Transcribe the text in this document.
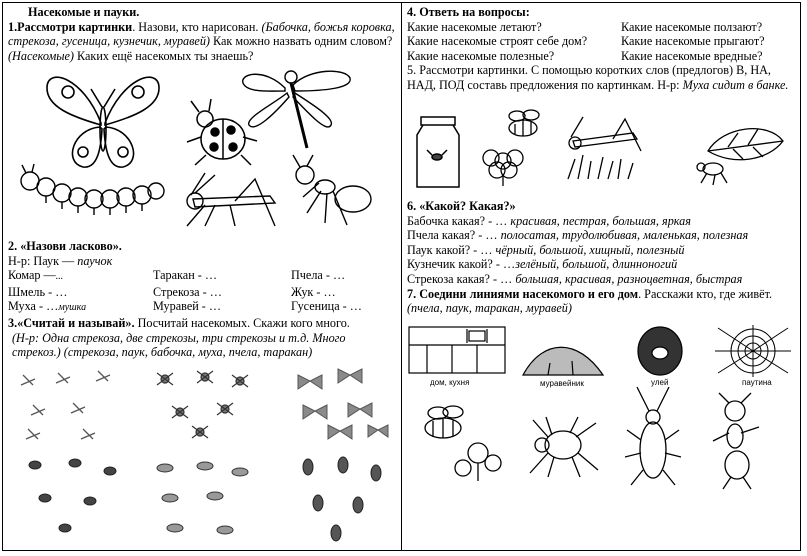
Насекомые и пауки.

1.Рассмотри картинки. Назови, кто нарисован. (Бабочка, божья коровка, стрекоза, гусеница, кузнечик, муравей) Как можно назвать одним словом? (Насекомые) Каких ещё насекомых ты знаешь?

2. «Назови ласково».

Н-р: Паук — паучок

Комар —...	Таракан - …	Пчела - …
Шмель - …	Стрекоза - …	Жук - …
Муха - …мушка	Муравей - …	Гусеница - …

3.«Считай и называй». Посчитай насекомых. Скажи кого много.

(Н-р: Одна стрекоза, две стрекозы, три стрекозы и т.д. Много стрекоз.) (стрекоза, паук, бабочка, муха, пчела, таракан)

4. Ответь на вопросы:

Какие насекомые летают?	Какие насекомые ползают?
Какие насекомые строят себе дом?	Какие насекомые прыгают?
Какие насекомые полезные?	Какие насекомые вредные?

5. Рассмотри картинки. С помощью коротких слов (предлогов) В, НА, НАД, ПОД составь предложения по картинкам. Н-р: Муха сидит в банке.

6. «Какой? Какая?»

Бабочка какая? - … красивая, пестрая, большая, яркая

Пчела какая? - … полосатая, трудолюбивая, маленькая, полезная

Паук какой? - … чёрный, большой, хищный, полезный

Кузнечик какой? - …зелёный, большой, длинноногий

Стрекоза какая? - … большая, красивая, разноцветная, быстрая

7. Соедини линиями насекомого и его дом. Расскажи кто, где живёт. (пчела, паук, таракан, муравей)

дом, кухня	муравейник	улей	паутина
